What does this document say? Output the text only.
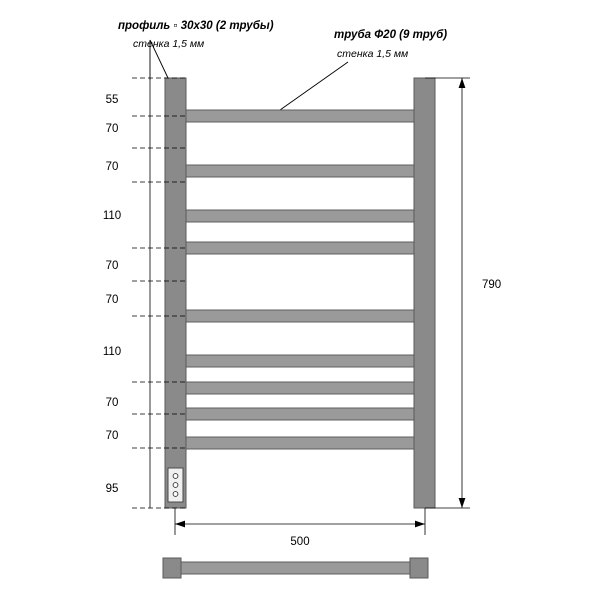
профиль ▫ 30x30 (2 трубы)
стенка 1,5 мм
труба Ф20 (9 труб)
стенка 1,5 мм
55
70
70
110
70
70
110
70
70
95
790
500
